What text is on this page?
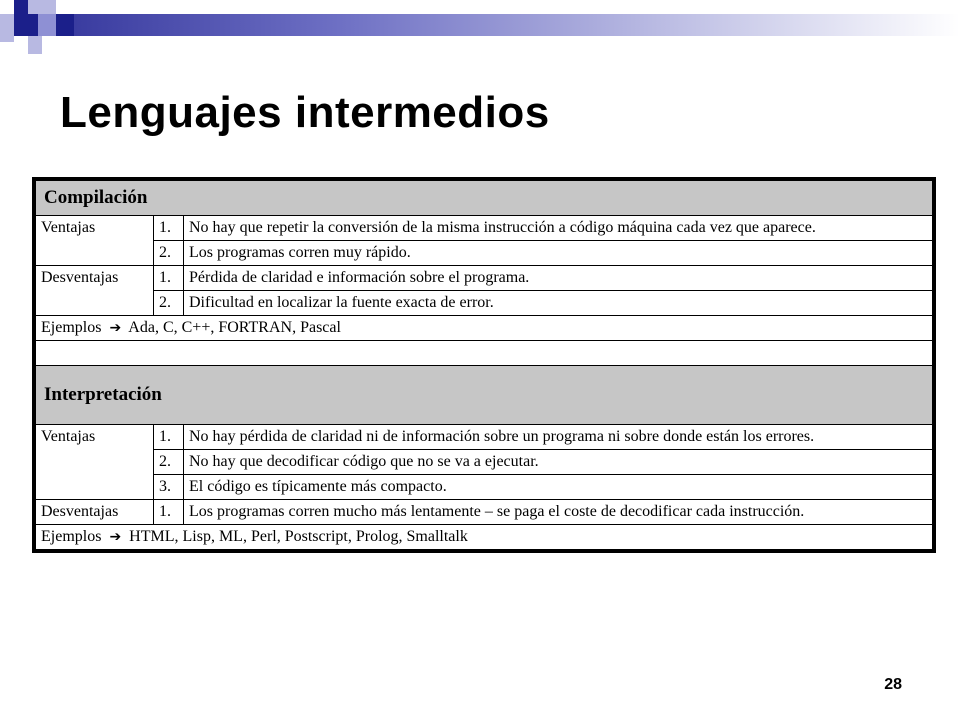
Lenguajes intermedios
Compilación		
Ventajas	1.	No hay que repetir la conversión de la misma instrucción a código máquina cada vez que aparece.
	2.	Los programas corren muy rápido.
Desventajas	1.	Pérdida de claridad e información sobre el programa.
	2.	Dificultad en localizar la fuente exacta de error.
Ejemplos ➔ Ada, C, C++, FORTRAN, Pascal		

Interpretación		
Ventajas	1.	No hay pérdida de claridad ni de información sobre un programa ni sobre donde están los errores.
	2.	No hay que decodificar código que no se va a ejecutar.
	3.	El código es típicamente más compacto.
Desventajas	1.	Los programas corren mucho más lentamente – se paga el coste de decodificar cada instrucción.
Ejemplos ➔ HTML, Lisp, ML, Perl, Postscript, Prolog, Smalltalk		
28
